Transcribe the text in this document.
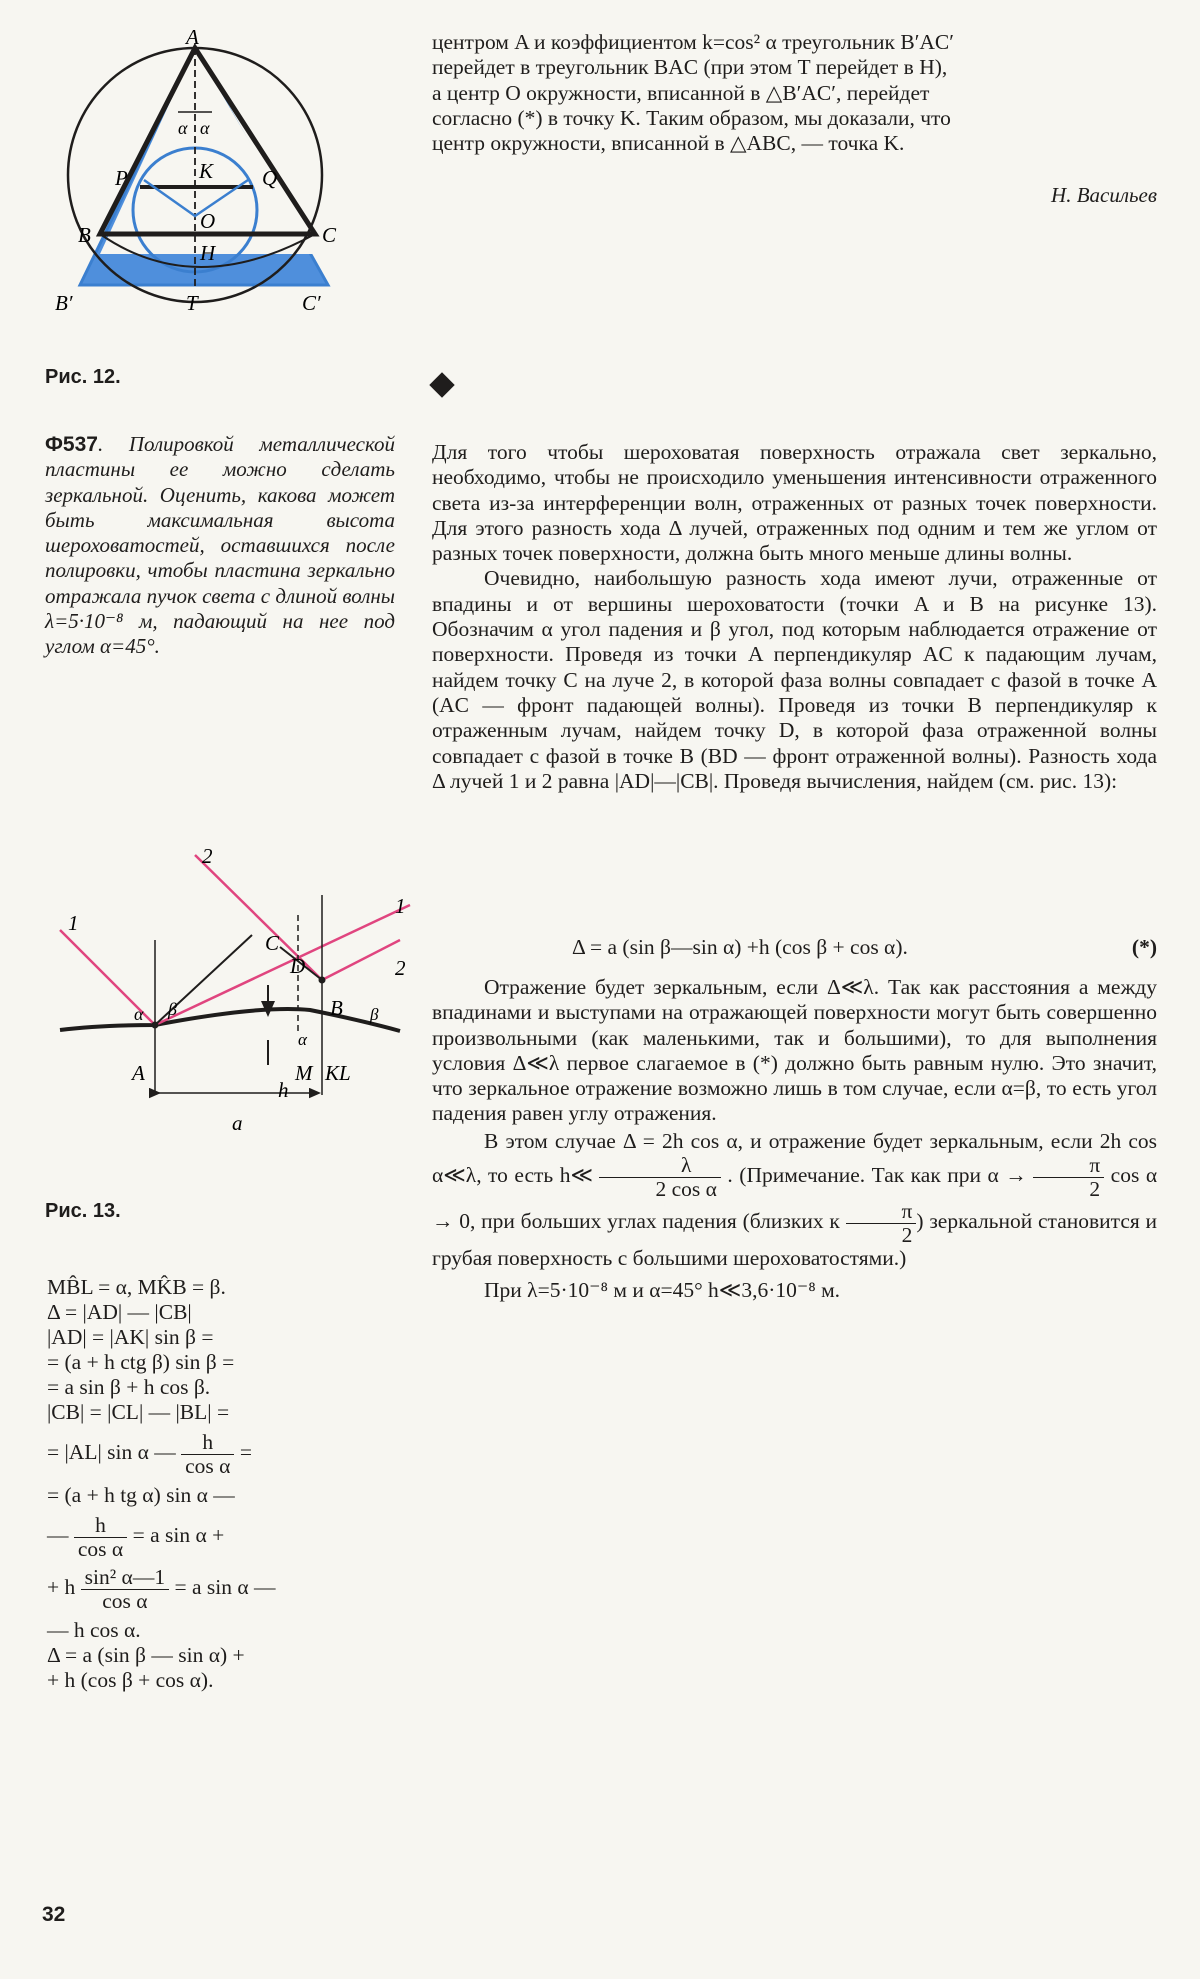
центром A и коэффициентом k=cos² α треугольник B′AC′

перейдет в треугольник BAC (при этом T перейдет в H),

а центр O окружности, вписанной в △B′AC′, перейдет

согласно (*) в точку K. Таким образом, мы доказали, что

центр окружности, вписанной в △ABC, — точка K.

Н. Васильев
A
α α
P	K Q
O
B	C
H
B′	T	C′
Рис. 12.
Ф537. Полировкой металлической пластины ее можно сделать зеркальной. Оценить, какова может быть максимальная высота шероховатостей, оставшихся после полировки, чтобы пластина зеркально отражала пучок света с длиной волны λ=5·10⁻⁸ м, падающий на нее под углом α=45°.
1
2
1
2
C
D
B
α β
α
β
A
h
M KL
a
Рис. 13.
MB̂L = α, MK̂B = β.
Δ = |AD| — |CB|
|AD| = |AK| sin β =
= (a + h ctg β) sin β =
= a sin β + h cos β.
|CB| = |CL| — |BL| =
= |AL| sin α — $\frac{h}{\text{cos α}}$ =
= (a + h tg α) sin α —
— $\frac{h}{\text{cos α}} = a$ sin α +
+ h $\frac{\text{sin² α—1}}{\text{cos α}} = a$ sin α —
— h cos α.
Δ = a (sin β — sin α) +
+ h (cos β + cos α).

Для того чтобы шероховатая поверхность отражала свет зеркально, необходимо, чтобы не происходило уменьшения интенсивности отраженного света из-за интерференции волн, отраженных от разных точек поверхности. Для этого разность хода Δ лучей, отраженных под одним и тем же углом от разных точек поверхности, должна быть много меньше длины волны.

Очевидно, наибольшую разность хода имеют лучи, отраженные от впадины и от вершины шероховатости (точки A и B на рисунке 13). Обозначим α угол падения и β угол, под которым наблюдается отражение от поверхности. Проведя из точки A перпендикуляр AC к падающим лучам, найдем точку C на луче 2, в которой фаза волны совпадает с фазой в точке A (AC — фронт падающей волны). Проведя из точки B перпендикуляр к отраженным лучам, найдем точку D, в которой фаза отраженной волны совпадает с фазой в точке B (BD — фронт отраженной волны). Разность хода Δ лучей 1 и 2 равна |AD|—|CB|. Проведя вычисления, найдем (см. рис. 13):

Δ = a (sin β—sin α) +h (cos β + cos α).	(*)

Отражение будет зеркальным, если Δ≪λ. Так как расстояния a между впадинами и выступами на отражающей поверхности могут быть совершенно произвольными (как маленькими, так и большими), то для выполнения условия Δ≪λ первое слагаемое в (*) должно быть равным нулю. Это значит, что зеркальное отражение возможно лишь в том случае, если α=β, то есть угол падения равен углу отражения.

В этом случае Δ = 2h cos α, и отражение будет зеркальным, если 2h cos α≪λ, то есть h≪ $\frac{\lambda}{\text{2 cos α}}$ . (Примечание. Так как при $\alpha \to \frac{\pi}{2}$ cos α → 0, при больших углах падения (близких к $\frac{\pi}{2}$ ) зеркальной становится и грубая поверхность с большими шероховатостями.)

При λ=5·10⁻⁸ м и α=45° h≪3,6·10⁻⁸ м.

32
